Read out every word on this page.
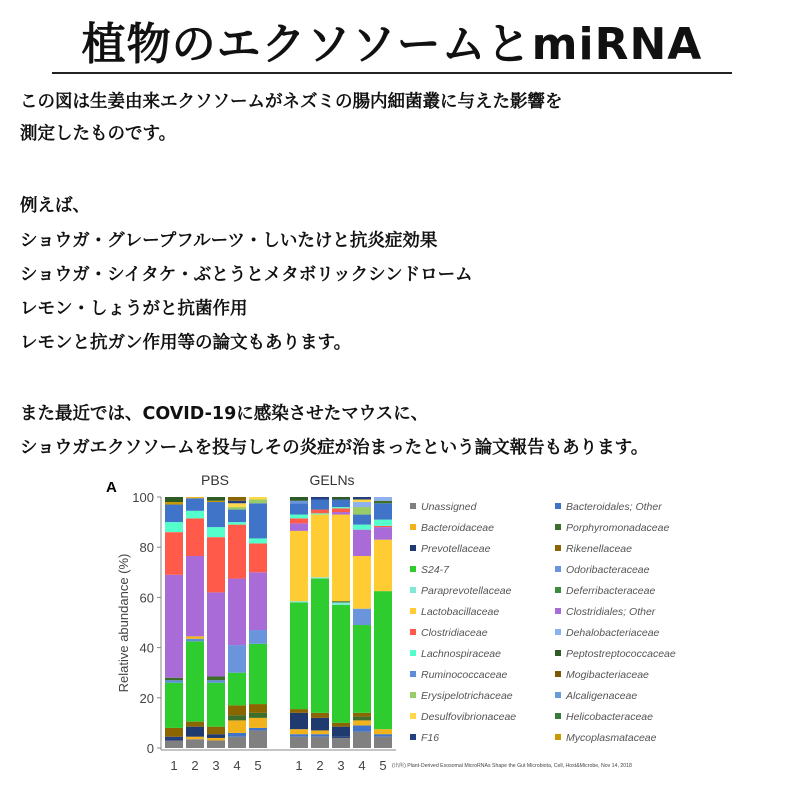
植物のエクソソームとmiRNA
この図は生姜由来エクソソームがネズミの腸内細菌叢に与えた影響を
測定したものです。
例えば、
ショウガ・グレープフルーツ・しいたけと抗炎症効果
ショウガ・シイタケ・ぶとうとメタボリックシンドローム
レモン・しょうがと抗菌作用
レモンと抗ガン作用等の論文もあります。
また最近では、COVID-19に感染させたマウスに、
ショウガエクソソームを投与しその炎症が治まったという論文報告もあります。
A	PBS	GELNs
Relative abundance (%)
0
20
40
60
80
100
1 2 3 4 5	1 2 3 4 5
Unassigned
Bacteroidaceae
Prevotellaceae
S24-7
Paraprevotellaceae
Lactobacillaceae
Clostridiaceae
Lachnospiraceae
Ruminococcaceae
Erysipelotrichaceae
Desulfovibrionaceae
F16
Bacteroidales; Other
Porphyromonadaceae
Rikenellaceae
Odoribacteraceae
Deferribacteraceae
Clostridiales; Other
Dehalobacteriaceae
Peptostreptococcaceae
Mogibacteriaceae
Alcaligenaceae
Helicobacteraceae
Mycoplasmataceae
(出所) Plant-Derived Exosomal MicroRNAs Shape the Gut Microbiota, Cell, Host&Microbe, Nov 14, 2018
